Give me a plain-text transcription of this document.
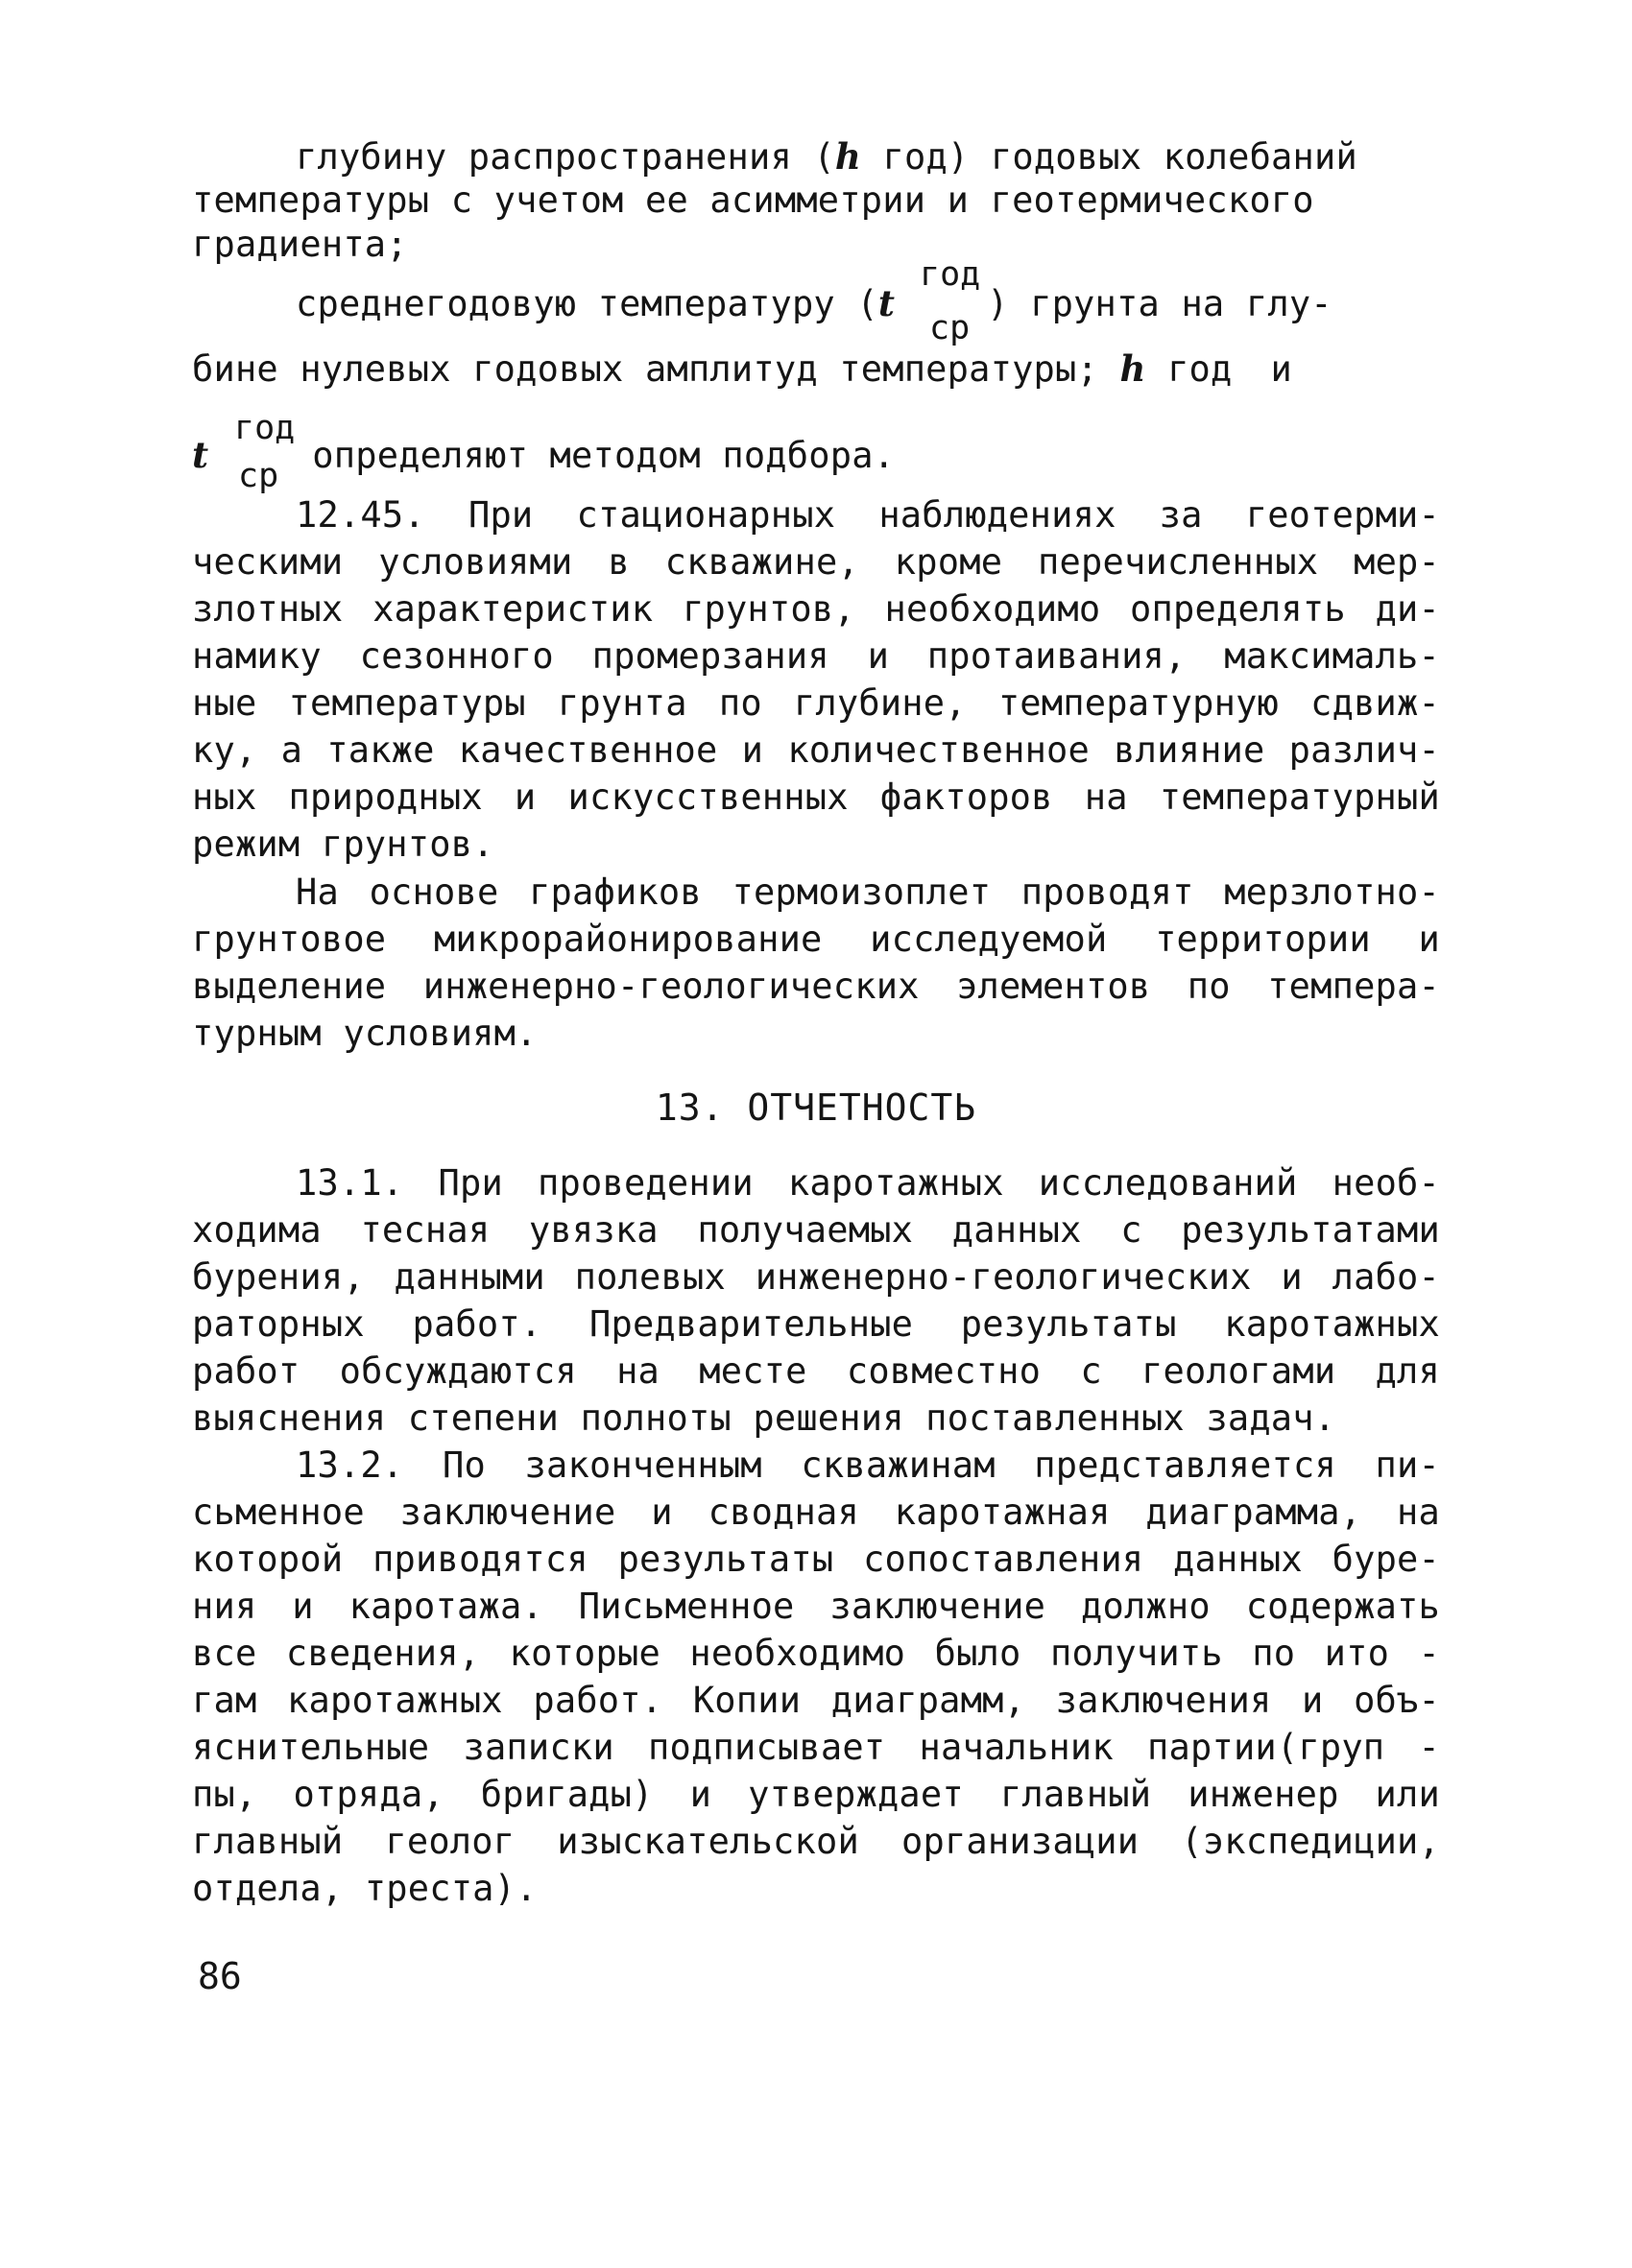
глубину распространения (h год) годовых колебаний
температуры с учетом ее асимметрии и геотермического
градиента;
среднегодовую температуру (t	) грунта на глу-
год
ср
бине нулевых годовых амплитуд температуры; h год и
t	определяют методом подбора.
год
ср
12.45. При стационарных наблюдениях за геотерми-
ческими условиями в скважине, кроме перечисленных мер-
злотных характеристик грунтов, необходимо определять ди-
намику сезонного промерзания и протаивания, максималь-
ные температуры грунта по глубине, температурную сдвиж-
ку, а также качественное и количественное влияние различ-
ных природных и искусственных факторов на температурный
режим грунтов.
На основе графиков термоизоплет проводят мерзлотно-
грунтовое микрорайонирование исследуемой территории и
выделение инженерно-геологических элементов по темпера-
турным условиям.
13. ОТЧЕТНОСТЬ
13.1. При проведении каротажных исследований необ-
ходима тесная увязка получаемых данных с результатами
бурения, данными полевых инженерно-геологических и лабо-
раторных работ. Предварительные результаты каротажных
работ обсуждаются на месте совместно с геологами для
выяснения степени полноты решения поставленных задач.
13.2. По законченным скважинам представляется пи-
сьменное заключение и сводная каротажная диаграмма, на
которой приводятся результаты сопоставления данных буре-
ния и каротажа. Письменное заключение должно содержать
все сведения, которые необходимо было получить по ито -
гам каротажных работ. Копии диаграмм, заключения и объ-
яснительные записки подписывает начальник партии(груп -
пы, отряда, бригады) и утверждает главный инженер или
главный геолог изыскательской организации (экспедиции,
отдела, треста).
86
